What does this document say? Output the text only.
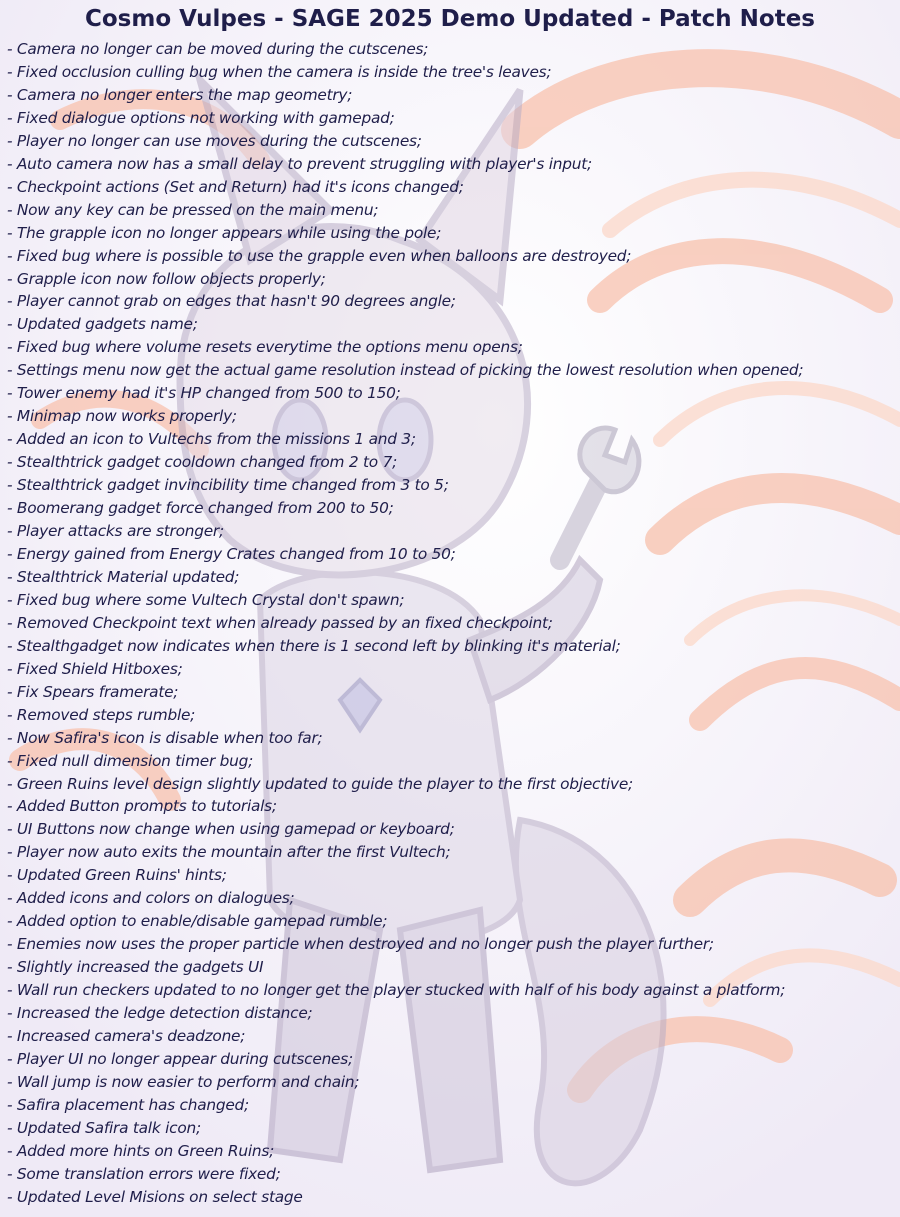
Cosmo Vulpes - SAGE 2025 Demo Updated - Patch Notes
- Camera no longer can be moved during the cutscenes;
- Fixed occlusion culling bug when the camera is inside the tree's leaves;
- Camera no longer enters the map geometry;
- Fixed dialogue options not working with gamepad;
- Player no longer can use moves during the cutscenes;
- Auto camera now has a small delay to prevent struggling with player's input;
- Checkpoint actions (Set and Return) had it's icons changed;
- Now any key can be pressed on the main menu;
- The grapple icon no longer appears while using the pole;
- Fixed bug where is possible to use the grapple even when balloons are destroyed;
- Grapple icon now follow objects properly;
- Player cannot grab on edges that hasn't 90 degrees angle;
- Updated gadgets name;
- Fixed bug where volume resets everytime the options menu opens;
- Settings menu now get the actual game resolution instead of picking the lowest resolution when opened;
- Tower enemy had it's HP changed from 500 to 150;
- Minimap now works properly;
- Added an icon to Vultechs from the missions 1 and 3;
- Stealthtrick gadget cooldown changed from 2 to 7;
- Stealthtrick gadget invincibility time changed from 3 to 5;
- Boomerang gadget force changed from 200 to 50;
- Player attacks are stronger;
- Energy gained from Energy Crates changed from 10 to 50;
- Stealthtrick Material updated;
- Fixed bug where some Vultech Crystal don't spawn;
- Removed Checkpoint text when already passed by an fixed checkpoint;
- Stealthgadget now indicates when there is 1 second left by blinking it's material;
- Fixed Shield Hitboxes;
- Fix Spears framerate;
- Removed steps rumble;
- Now Safira's icon is disable when too far;
- Fixed null dimension timer bug;
- Green Ruins level design slightly updated to guide the player to the first objective;
- Added Button prompts to tutorials;
- UI Buttons now change when using gamepad or keyboard;
- Player now auto exits the mountain after the first Vultech;
- Updated Green Ruins' hints;
- Added icons and colors on dialogues;
- Added option to enable/disable gamepad rumble;
- Enemies now uses the proper particle when destroyed and no longer push the player further;
- Slightly increased the gadgets UI
- Wall run checkers updated to no longer get the player stucked with half of his body against a platform;
- Increased the ledge detection distance;
- Increased camera's deadzone;
- Player UI no longer appear during cutscenes;
- Wall jump is now easier to perform and chain;
- Safira placement has changed;
- Updated Safira talk icon;
- Added more hints on Green Ruins;
- Some translation errors were fixed;
- Updated Level Misions on select stage
